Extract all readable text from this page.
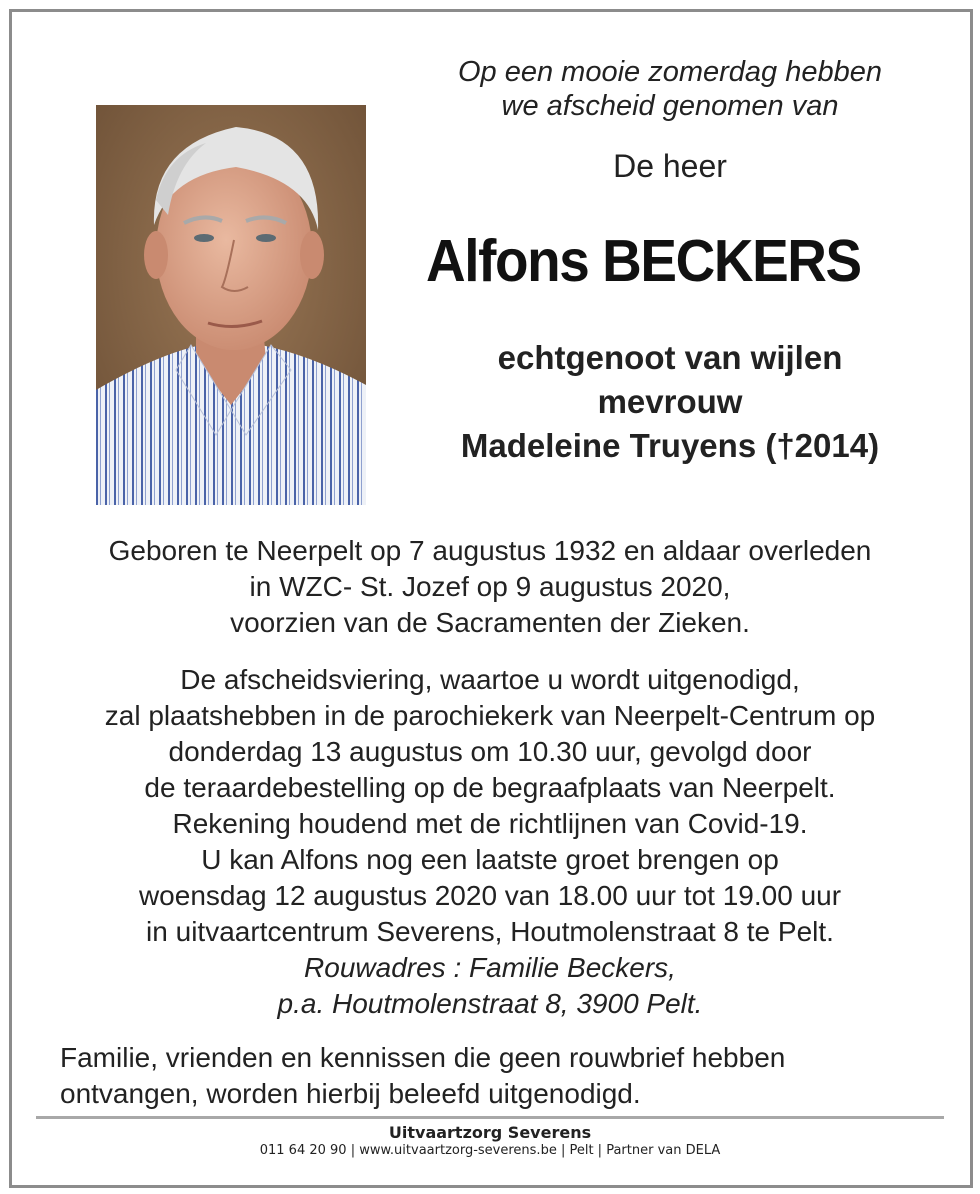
Op een mooie zomerdag hebben
we afscheid genomen van
De heer
Alfons BECKERS
echtgenoot van wijlen
mevrouw
Madeleine Truyens (†2014)
Geboren te Neerpelt op 7 augustus 1932 en aldaar overleden
in WZC- St. Jozef op 9 augustus 2020,
voorzien van de Sacramenten der Zieken.
De afscheidsviering, waartoe u wordt uitgenodigd,
zal plaatshebben in de parochiekerk van Neerpelt-Centrum op
donderdag 13 augustus om 10.30 uur, gevolgd door
de teraardebestelling op de begraafplaats van Neerpelt.
Rekening houdend met de richtlijnen van Covid-19.
U kan Alfons nog een laatste groet brengen op
woensdag 12 augustus 2020 van 18.00 uur tot 19.00 uur
in uitvaartcentrum Severens, Houtmolenstraat 8 te Pelt.
Rouwadres : Familie Beckers,
p.a. Houtmolenstraat 8, 3900 Pelt.
Familie, vrienden en kennissen die geen rouwbrief hebben
ontvangen, worden hierbij beleefd uitgenodigd.
Uitvaartzorg Severens
011 64 20 90 | www.uitvaartzorg-severens.be | Pelt | Partner van DELA
